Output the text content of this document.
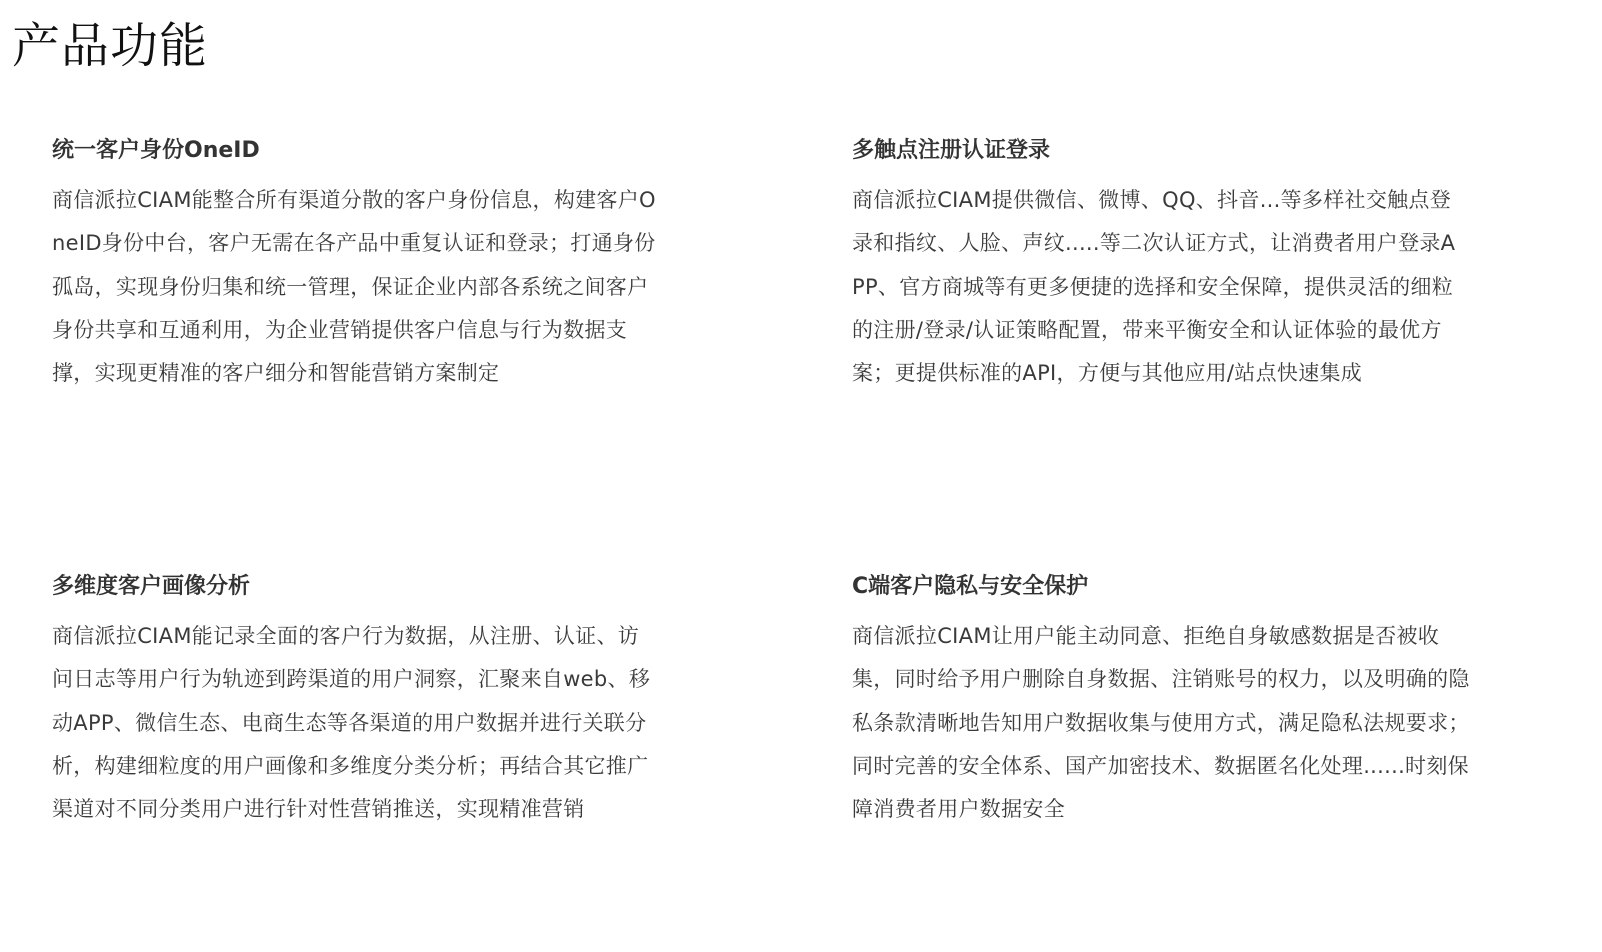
产品功能
统一客户身份OneID

商信派拉CIAM能整合所有渠道分散的客户身份信息，构建客户OneID身份中台，客户无需在各产品中重复认证和登录；打通身份孤岛，实现身份归集和统一管理，保证企业内部各系统之间客户身份共享和互通利用，为企业营销提供客户信息与行为数据支撑，实现更精准的客户细分和智能营销方案制定

多触点注册认证登录

商信派拉CIAM提供微信、微博、QQ、抖音...等多样社交触点登录和指纹、人脸、声纹.....等二次认证方式，让消费者用户登录APP、官方商城等有更多便捷的选择和安全保障，提供灵活的细粒的注册/登录/认证策略配置，带来平衡安全和认证体验的最优方案；更提供标准的API，方便与其他应用/站点快速集成

多维度客户画像分析

商信派拉CIAM能记录全面的客户行为数据，从注册、认证、访问日志等用户行为轨迹到跨渠道的用户洞察，汇聚来自web、移动APP、微信生态、电商生态等各渠道的用户数据并进行关联分析，构建细粒度的用户画像和多维度分类分析；再结合其它推广渠道对不同分类用户进行针对性营销推送，实现精准营销

C端客户隐私与安全保护

商信派拉CIAM让用户能主动同意、拒绝自身敏感数据是否被收集，同时给予用户删除自身数据、注销账号的权力，以及明确的隐私条款清晰地告知用户数据收集与使用方式，满足隐私法规要求；同时完善的安全体系、国产加密技术、数据匿名化处理......时刻保障消费者用户数据安全
